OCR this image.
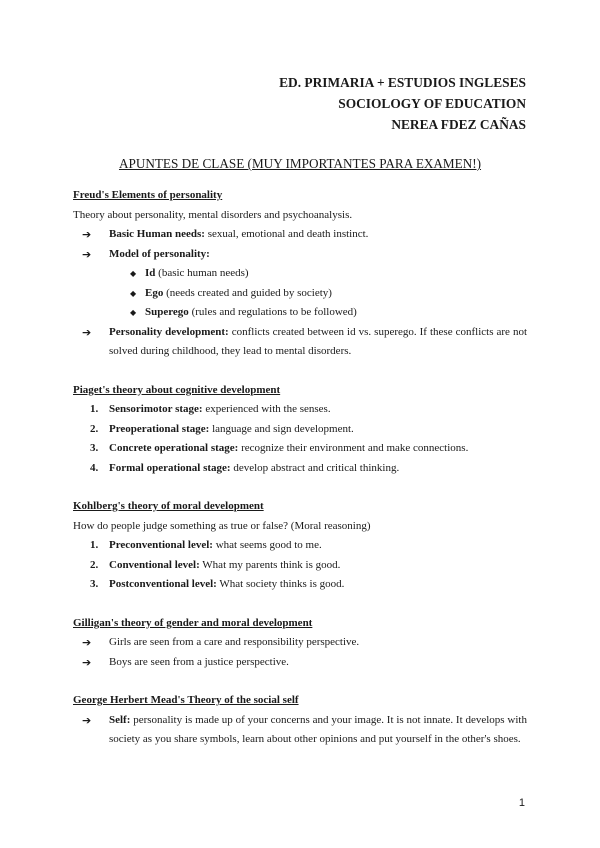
ED. PRIMARIA + ESTUDIOS INGLESES
SOCIOLOGY OF EDUCATION
NEREA FDEZ CAÑAS
APUNTES DE CLASE (MUY IMPORTANTES PARA EXAMEN!)

Freud's Elements of personality

Theory about personality, mental disorders and psychoanalysis.

➔ Basic Human needs: sexual, emotional and death instinct.
➔ Model of personality:
◆ Id (basic human needs)
◆ Ego (needs created and guided by society)
◆ Superego (rules and regulations to be followed)
➔ Personality development: conflicts created between id vs. superego. If these conflicts are not solved during childhood, they lead to mental disorders.

Piaget's theory about cognitive development

1. Sensorimotor stage: experienced with the senses.
2. Preoperational stage: language and sign development.
3. Concrete operational stage: recognize their environment and make connections.
4. Formal operational stage: develop abstract and critical thinking.

Kohlberg's theory of moral development

How do people judge something as true or false? (Moral reasoning)

1. Preconventional level: what seems good to me.
2. Conventional level: What my parents think is good.
3. Postconventional level: What society thinks is good.

Gilligan's theory of gender and moral development

➔ Girls are seen from a care and responsibility perspective.
➔ Boys are seen from a justice perspective.

George Herbert Mead's Theory of the social self

➔ Self: personality is made up of your concerns and your image. It is not innate. It develops with society as you share symbols, learn about other opinions and put yourself in the other's shoes.
1
